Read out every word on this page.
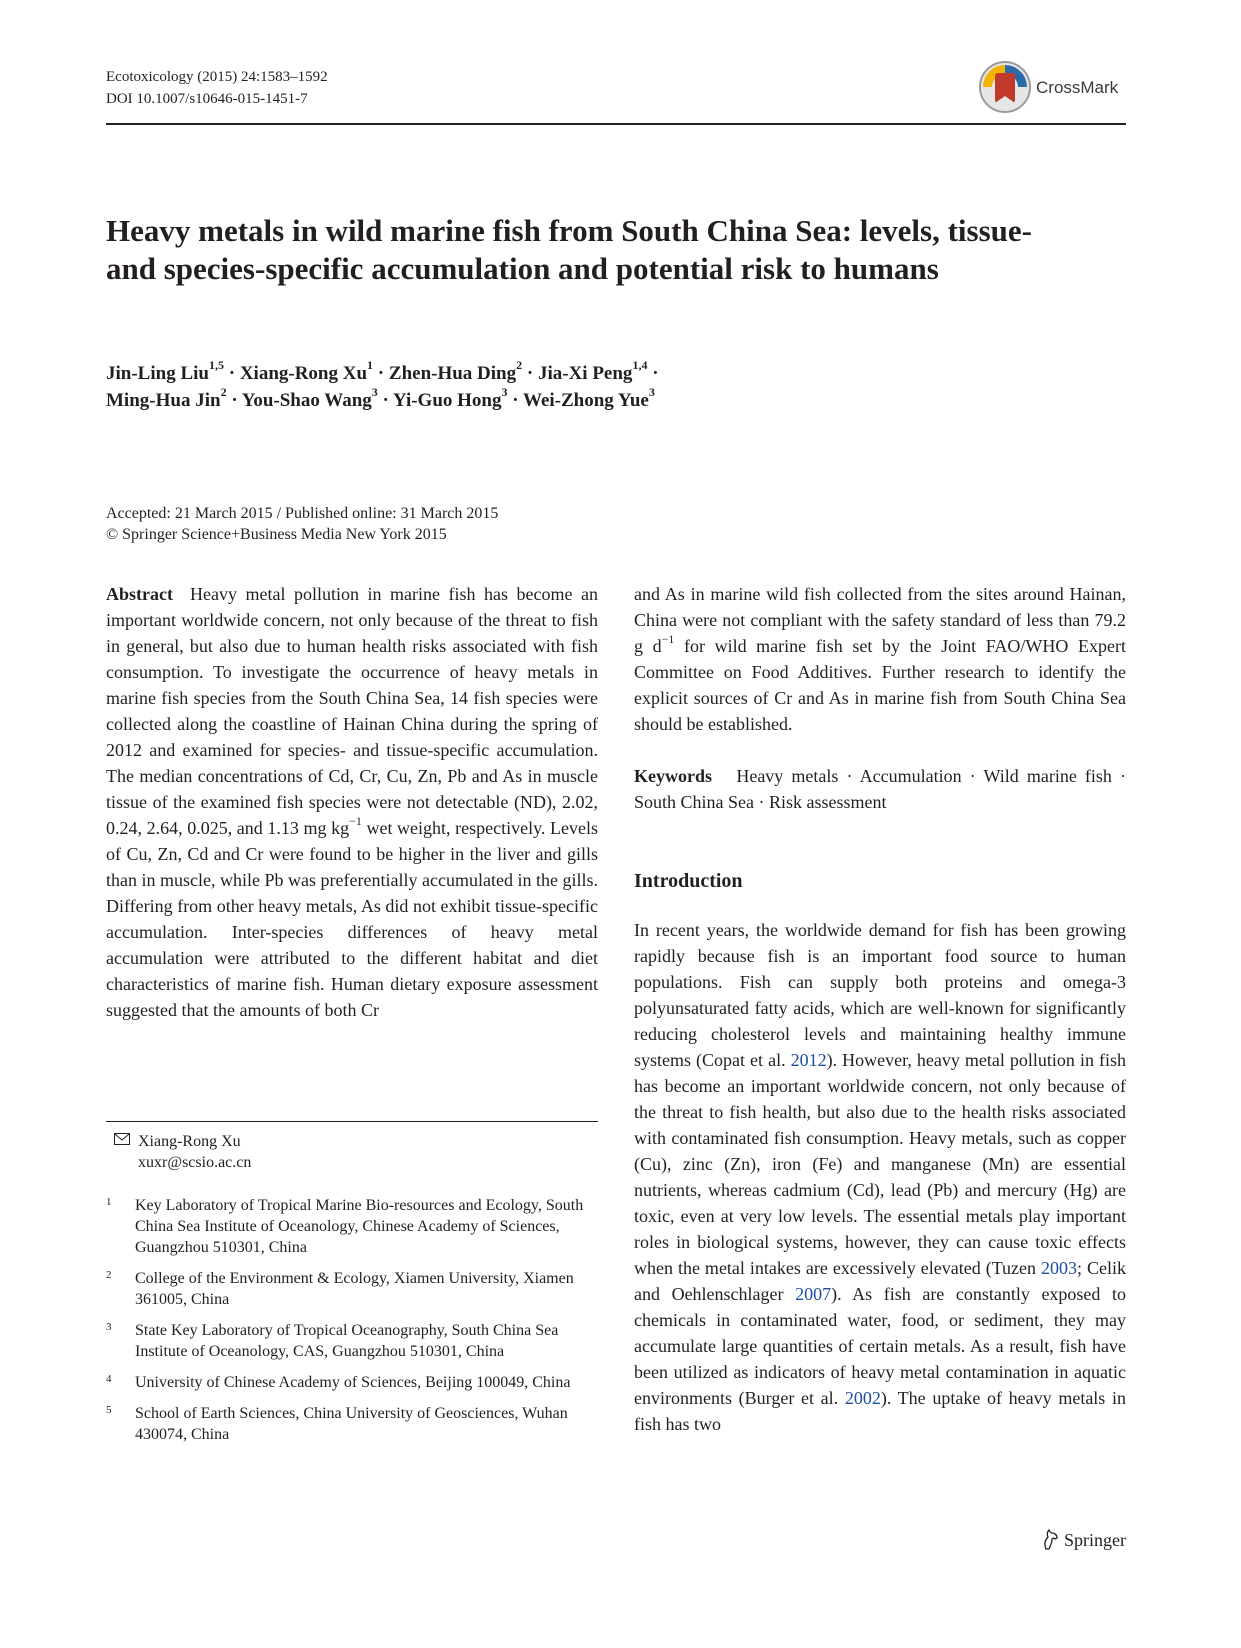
Ecotoxicology (2015) 24:1583–1592
DOI 10.1007/s10646-015-1451-7
CrossMark
Heavy metals in wild marine fish from South China Sea: levels, tissue- and species-specific accumulation and potential risk to humans
Jin-Ling Liu$^{1,5}$ · Xiang-Rong $Xu^1$ · Zhen-Hua Ding$^2$ · Jia-Xi Peng$^{1,4}$ ·
Ming-Hua Jin$^2$ · You-Shao Wang$^3$ · Yi-Guo Hong$^3$ · Wei-Zhong Yue$^3$
Accepted: 21 March 2015 / Published online: 31 March 2015
© Springer Science+Business Media New York 2015
Abstract Heavy metal pollution in marine fish has become an important worldwide concern, not only because of the threat to fish in general, but also due to human health risks associated with fish consumption. To investigate the occurrence of heavy metals in marine fish species from the South China Sea, 14 fish species were collected along the coastline of Hainan China during the spring of 2012 and examined for species- and tissue-specific accumulation. The median concentrations of Cd, Cr, Cu, Zn, Pb and As in muscle tissue of the examined fish species were not detectable (ND), 2.02, 0.24, 2.64, 0.025, and 1.13 mg $kg^{-1}$ wet weight, respectively. Levels of Cu, Zn, Cd and Cr were found to be higher in the liver and gills than in muscle, while Pb was preferentially accumulated in the gills. Differing from other heavy metals, As did not exhibit tissue-specific accumulation. Inter-species differences of heavy metal accumulation were attributed to the different habitat and diet characteristics of marine fish. Human dietary exposure assessment suggested that the amounts of both Cr
and As in marine wild fish collected from the sites around Hainan, China were not compliant with the safety standard of less than 79.2 g $d^{-1}$ for wild marine fish set by the Joint FAO/WHO Expert Committee on Food Additives. Further research to identify the explicit sources of Cr and As in marine fish from South China Sea should be established.
Keywords Heavy metals · Accumulation · Wild marine fish · South China Sea · Risk assessment
Introduction
In recent years, the worldwide demand for fish has been growing rapidly because fish is an important food source to human populations. Fish can supply both proteins and omega-3 polyunsaturated fatty acids, which are well-known for significantly reducing cholesterol levels and maintaining healthy immune systems (Copat et al. 2012). However, heavy metal pollution in fish has become an important worldwide concern, not only because of the threat to fish health, but also due to the health risks associated with contaminated fish consumption. Heavy metals, such as copper (Cu), zinc (Zn), iron (Fe) and manganese (Mn) are essential nutrients, whereas cadmium (Cd), lead (Pb) and mercury (Hg) are toxic, even at very low levels. The essential metals play important roles in biological systems, however, they can cause toxic effects when the metal intakes are excessively elevated (Tuzen 2003; Celik and Oehlenschlager 2007). As fish are constantly exposed to chemicals in contaminated water, food, or sediment, they may accumulate large quantities of certain metals. As a result, fish have been utilized as indicators of heavy metal contamination in aquatic environments (Burger et al. 2002). The uptake of heavy metals in fish has two
Xiang-Rong Xu
xuxr@scsio.ac.cn
1 Key Laboratory of Tropical Marine Bio-resources and Ecology, South China Sea Institute of Oceanology, Chinese Academy of Sciences, Guangzhou 510301, China
2 College of the Environment & Ecology, Xiamen University, Xiamen 361005, China
3 State Key Laboratory of Tropical Oceanography, South China Sea Institute of Oceanology, CAS, Guangzhou 510301, China
4 University of Chinese Academy of Sciences, Beijing 100049, China
5 School of Earth Sciences, China University of Geosciences, Wuhan 430074, China
Springer
